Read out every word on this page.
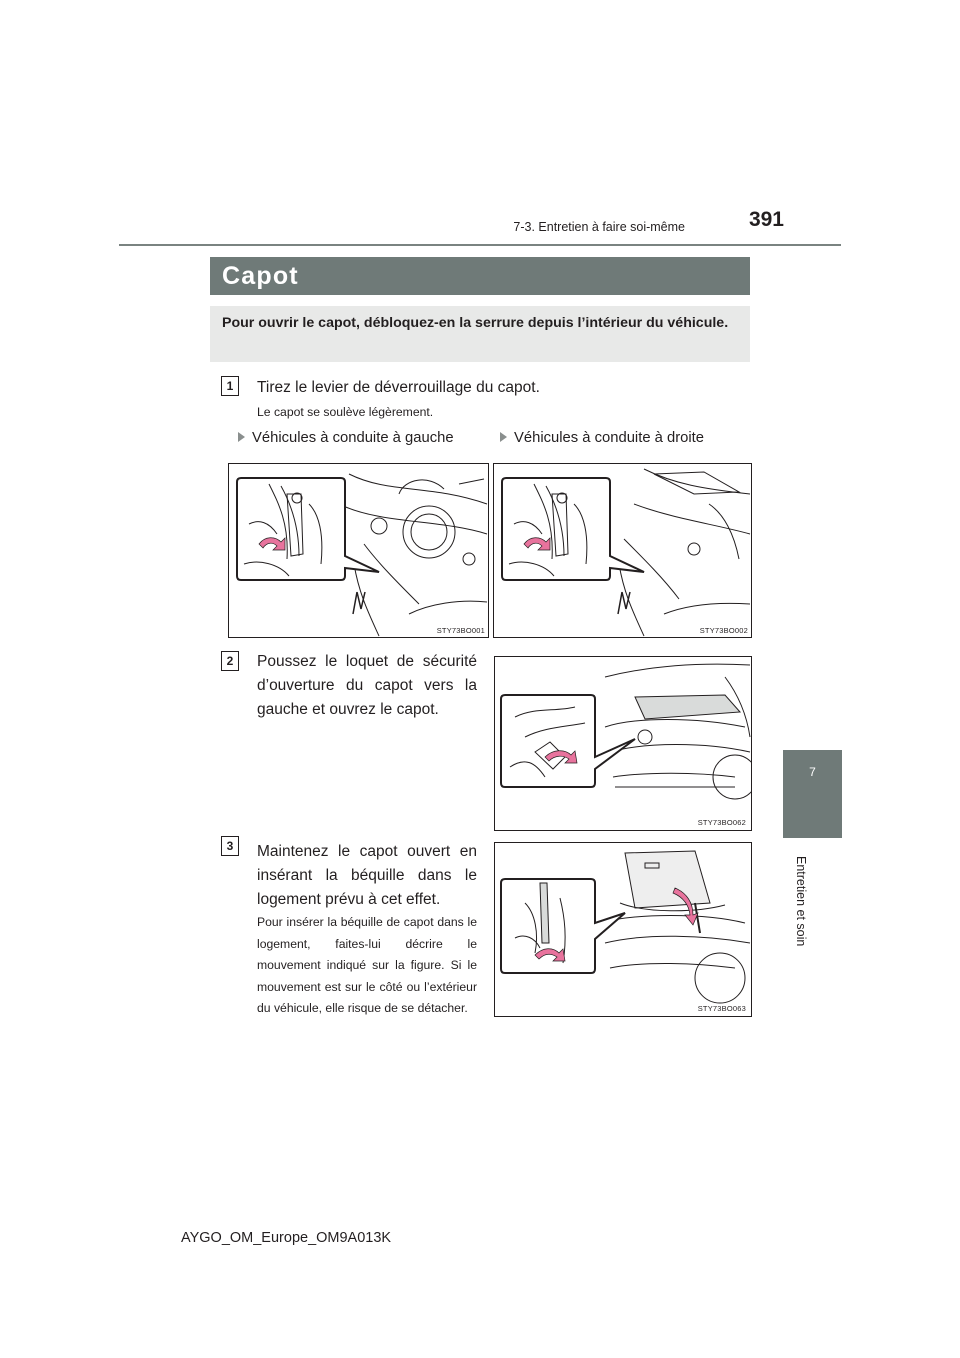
7-3. Entretien à faire soi-même	391
7
Entretien et soin
Capot
Pour ouvrir le capot, débloquez-en la serrure depuis l’intérieur du véhicule.
1	Tirez le levier de déverrouillage du capot.
Le capot se soulève légèrement.
Véhicules à conduite à gauche	Véhicules à conduite à droite
STY73BO001	STY73BO002
2	Poussez le loquet de sécurité d’ouverture du capot vers la gauche et ouvrez le capot.
STY73BO062
3	Maintenez le capot ouvert en insérant la béquille dans le logement prévu à cet effet.
Pour insérer la béquille de capot dans le logement, faites-lui décrire le mouvement indiqué sur la figure. Si le mouvement est sur le côté ou l’extérieur du véhicule, elle risque de se détacher.	STY73BO063
AYGO_OM_Europe_OM9A013K
